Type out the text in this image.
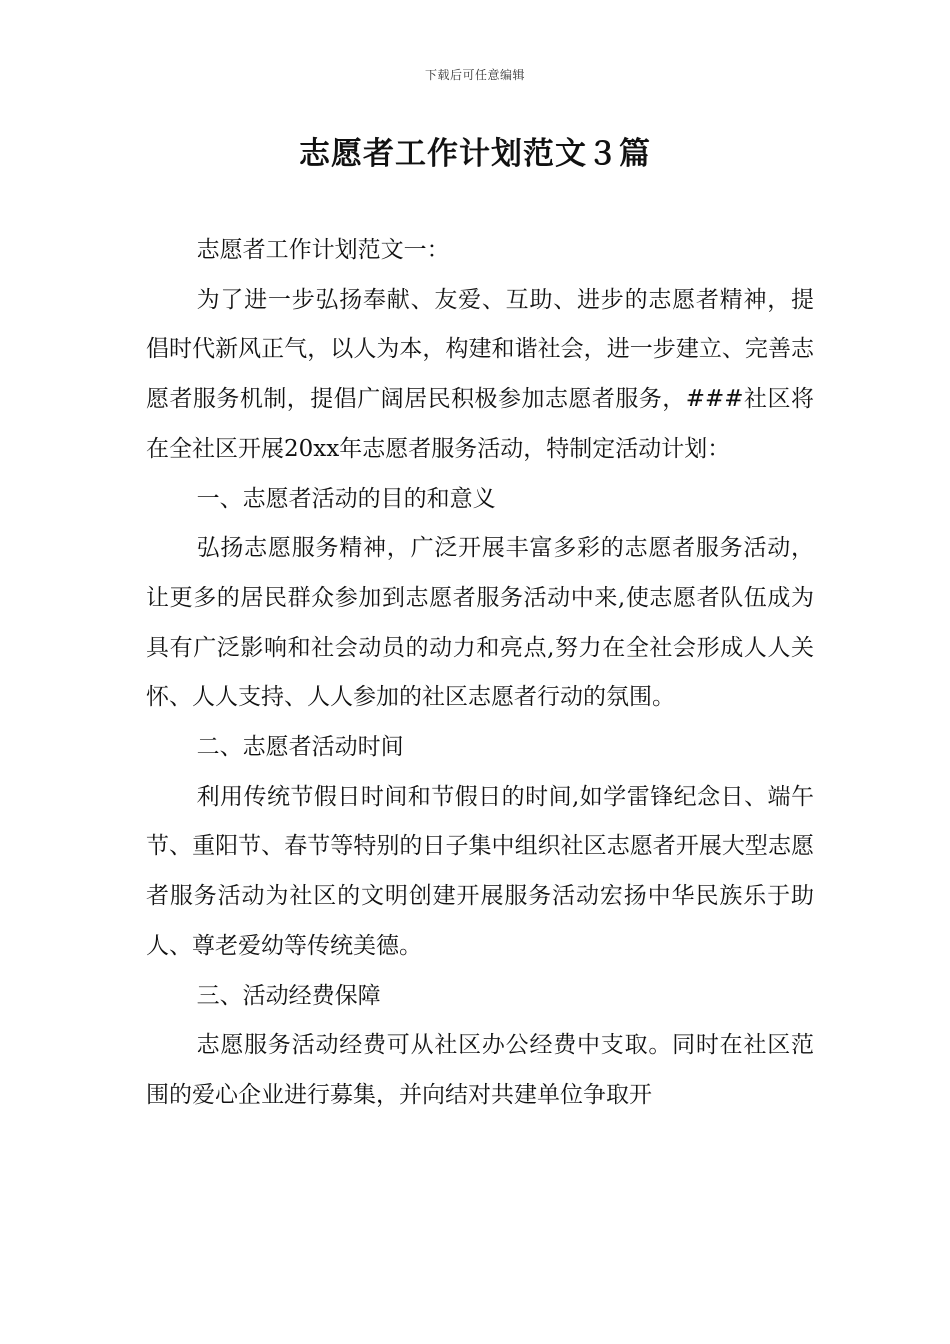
下载后可任意编辑
志愿者工作计划范文３篇

志愿者工作计划范文一：

为了进一步弘扬奉献、友爱、互助、进步的志愿者精神，提倡时代新风正气，以人为本，构建和谐社会，进一步建立、完善志愿者服务机制，提倡广阔居民积极参加志愿者服务，###社区将在全社区开展20xx年志愿者服务活动，特制定活动计划：

一、志愿者活动的目的和意义

弘扬志愿服务精神，广泛开展丰富多彩的志愿者服务活动，让更多的居民群众参加到志愿者服务活动中来,使志愿者队伍成为具有广泛影响和社会动员的动力和亮点,努力在全社会形成人人关怀、人人支持、人人参加的社区志愿者行动的氛围。

二、志愿者活动时间

利用传统节假日时间和节假日的时间,如学雷锋纪念日、端午节、重阳节、春节等特别的日子集中组织社区志愿者开展大型志愿者服务活动为社区的文明创建开展服务活动宏扬中华民族乐于助人、尊老爱幼等传统美德。

三、活动经费保障

志愿服务活动经费可从社区办公经费中支取。同时在社区范围的爱心企业进行募集，并向结对共建单位争取开
